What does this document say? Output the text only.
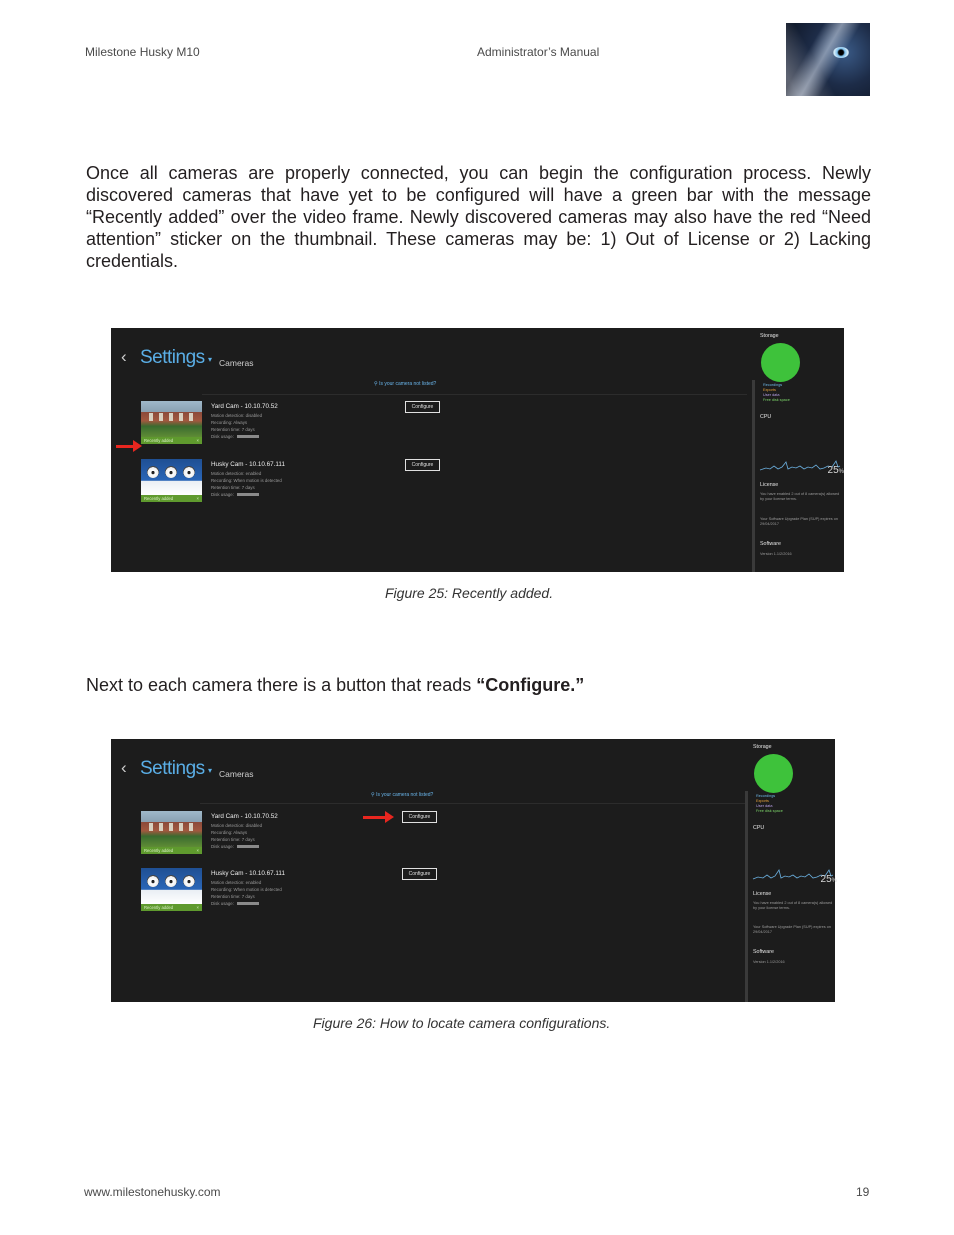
Milestone Husky M10	Administrator’s Manual

Once all cameras are properly connected, you can begin the configuration process. Newly discovered cameras that have yet to be configured will have a green bar with the message “Recently added” over the video frame. Newly discovered cameras may also have the red “Need attention” sticker on the thumbnail. These cameras may be: 1) Out of License or 2) Lacking credentials.

‹ Settings ▾ Cameras
⚲ Is your camera not listed?
Recently added	×
Yard Cam - 10.10.70.52
Motion detection: disabled
Recording: Always
Retention time: 7 days
Disk usage:
Configure
Recently added	×
Husky Cam - 10.10.67.111
Motion detection: enabled
Recording: When motion is detected
Retention time: 7 days
Disk usage:
Configure
Storage
Recordings
Exports
User data
Free disk space
CPU
25%
License
You have enabled 2 out of 8 camera(s) allowed by your license terms.
Your Software Upgrade Plan (SUP) expires on 29/04/2017
Software
Version 1.1/2/2016
Figure 25: Recently added.

Next to each camera there is a button that reads “Configure.”

‹ Settings ▾ Cameras
⚲ Is your camera not listed?
Recently added	×
Yard Cam - 10.10.70.52
Motion detection: disabled
Recording: Always
Retention time: 7 days
Disk usage:
Configure
Recently added	×
Husky Cam - 10.10.67.111
Motion detection: enabled
Recording: When motion is detected
Retention time: 7 days
Disk usage:
Configure
Storage
Recordings
Exports
User data
Free disk space
CPU
25%
License
You have enabled 2 out of 8 camera(s) allowed by your license terms.
Your Software Upgrade Plan (SUP) expires on 29/04/2017
Software
Version 1.1/2/2016
Figure 26: How to locate camera configurations.
www.milestonehusky.com	19
